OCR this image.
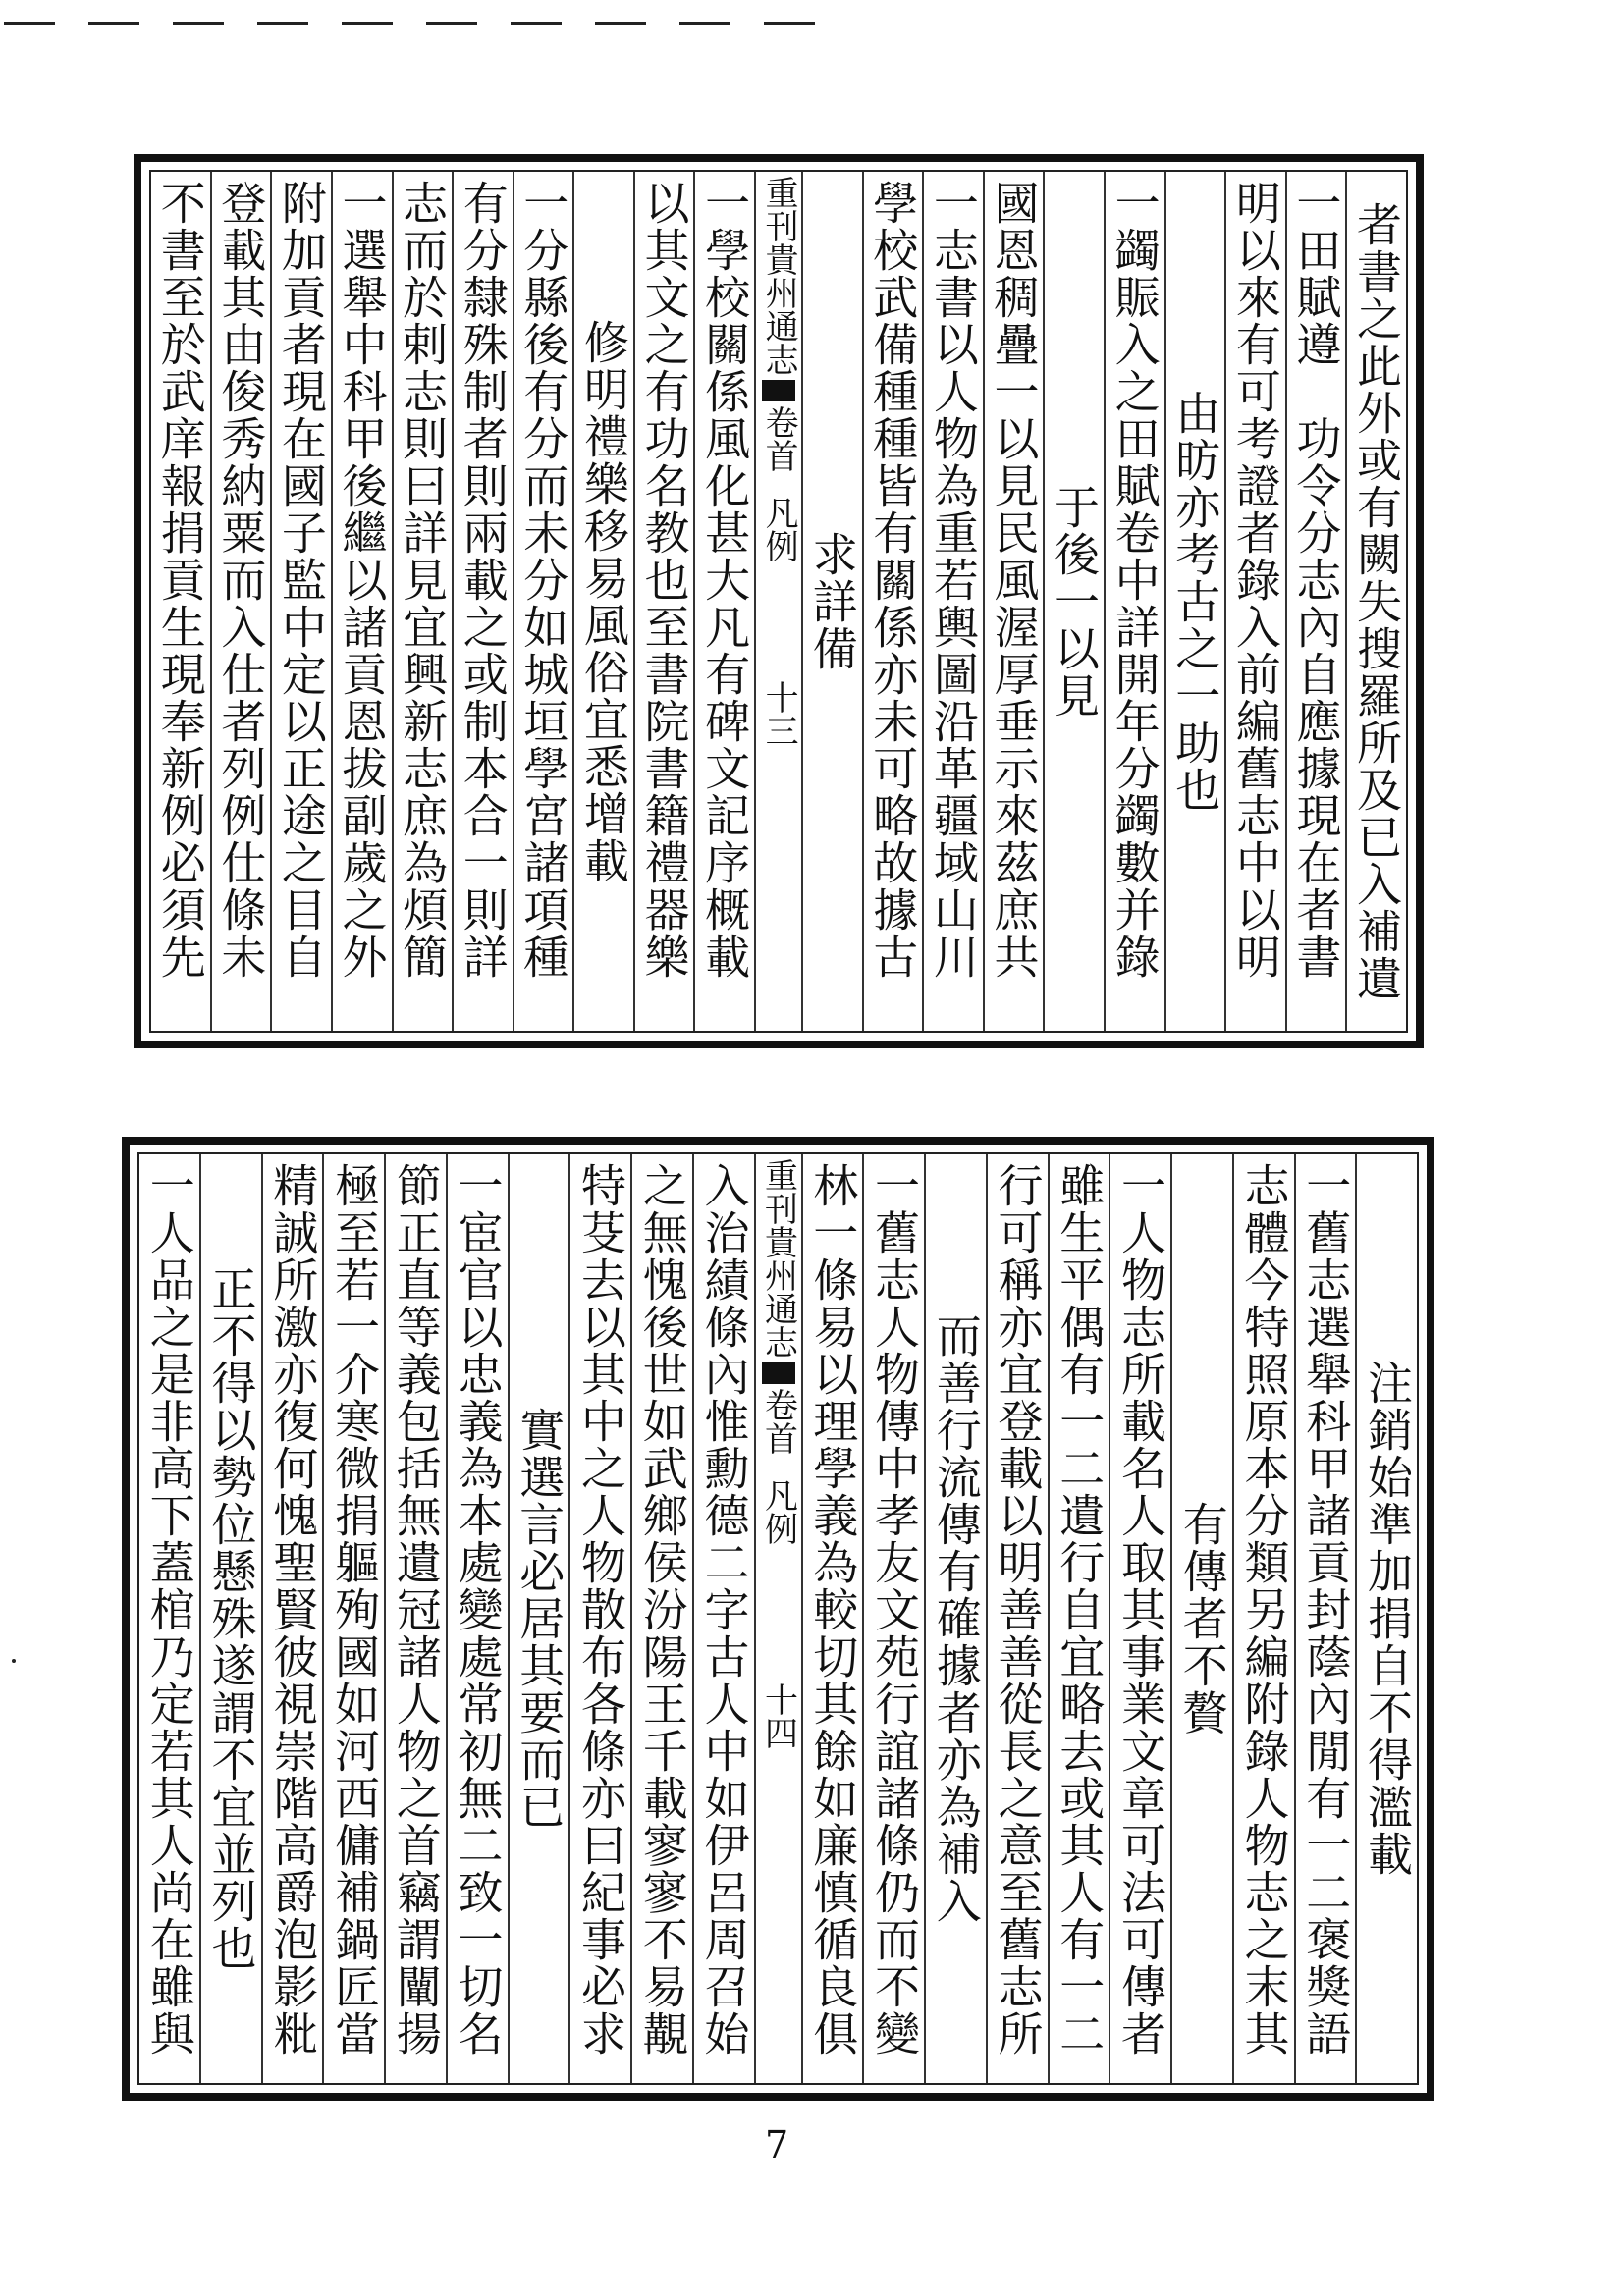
者書之此外或有闕失搜羅所及已入補遺
一田賦遵　功令分志內自應據現在者書
明以來有可考證者錄入前編舊志中以明
由昉亦考古之一助也
一蠲賑入之田賦卷中詳開年分蠲數并錄
于後一以見
國恩稠疊一以見民風渥厚垂示來茲庶共
一志書以人物為重若輿圖沿革疆域山川
學校武備種種皆有關係亦未可略故據古
求詳備
重刊貴州通志
卷首
凡例
十三
一學校關係風化甚大凡有碑文記序概載
以其文之有功名教也至書院書籍禮器樂
修明禮樂移易風俗宜悉增載
一分縣後有分而未分如城垣學宮諸項種
有分隸殊制者則兩載之或制本合一則詳
志而於剌志則曰詳見宜興新志庶為煩簡
一選舉中科甲後繼以諸貢恩拔副歲之外
附加貢者現在國子監中定以正途之目自
登載其由俊秀納粟而入仕者列例仕條未
不書至於武庠報捐貢生現奉新例必須先
注銷始準加捐自不得濫載
一舊志選舉科甲諸貢封蔭內閒有一二褒獎語
志體今特照原本分類另編附錄人物志之末其
有傳者不贅
一人物志所載名人取其事業文章可法可傳者
雖生平偶有一二遺行自宜略去或其人有一二
行可稱亦宜登載以明善善從長之意至舊志所
而善行流傳有確據者亦為補入
一舊志人物傳中孝友文苑行誼諸條仍而不變
林一條易以理學義為較切其餘如廉慎循良俱
重刊貴州通志
卷首
凡例
十四
入治績條內惟勳德二字古人中如伊呂周召始
之無愧後世如武鄉侯汾陽王千載寥寥不易覯
特芟去以其中之人物散布各條亦曰紀事必求
實選言必居其要而已
一宦官以忠義為本處變處常初無二致一切名
節正直等義包括無遺冠諸人物之首竊謂闡揚
極至若一介寒微捐軀殉國如河西傭補鍋匠當
精誠所激亦復何愧聖賢彼視崇階高爵泡影粃
正不得以勢位懸殊遂謂不宜並列也
一人品之是非高下蓋棺乃定若其人尚在雖與
7
